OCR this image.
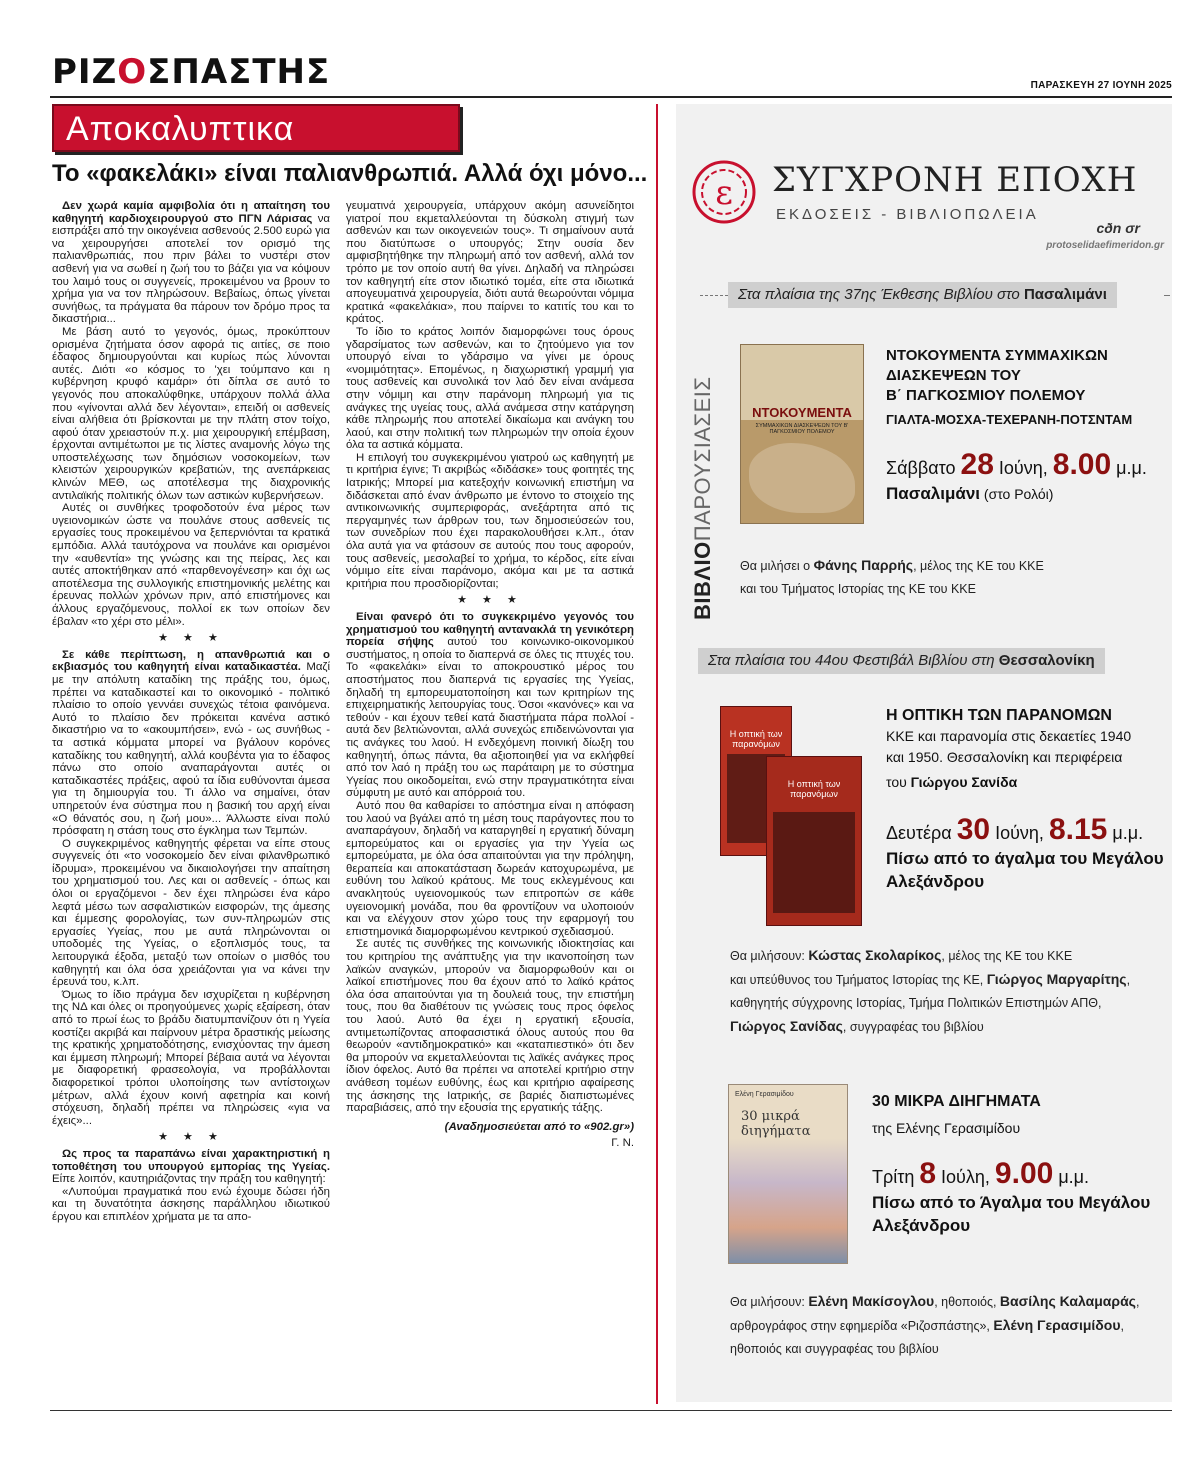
ΡΙΖΟΣΠΑΣΤΗΣ	ΠΑΡΑΣΚΕΥΗ 27 ΙΟΥΝΗ 2025
Αποκαλυπτικα
Το «φακελάκι» είναι παλιανθρωπιά. Αλλά όχι μόνο...

Δεν χωρά καμία αμφιβολία ότι η απαίτηση του καθηγητή καρδιοχειρουργού στο ΠΓΝ Λάρισας να εισπράξει από την οικογένεια ασθενούς 2.500 ευρώ για να χειρουργήσει αποτελεί τον ορισμό της παλιανθρωπιάς, που πριν βάλει το νυστέρι στον ασθενή για να σωθεί η ζωή του το βάζει για να κόψουν του λαιμό τους οι συγγενείς, προκειμένου να βρουν το χρήμα για να τον πληρώσουν. Βεβαίως, όπως γίνεται συνήθως, τα πράγματα θα πάρουν τον δρόμο προς τα δικαστήρια...

Με βάση αυτό το γεγονός, όμως, προκύπτουν ορισμένα ζητήματα όσον αφορά τις αιτίες, σε ποιο έδαφος δημιουργούνται και κυρίως πώς λύνονται αυτές. Διότι «ο κόσμος το 'χει τούμπανο και η κυβέρνηση κρυφό καμάρι» ότι δίπλα σε αυτό το γεγονός που αποκαλύφθηκε, υπάρχουν πολλά άλλα που «γίνονται αλλά δεν λέγονται», επειδή οι ασθενείς είναι αλήθεια ότι βρίσκονται με την πλάτη στον τοίχο, αφού όταν χρειαστούν π.χ. μια χειρουργική επέμβαση, έρχονται αντιμέτωποι με τις λίστες αναμονής λόγω της υποστελέχωσης των δημόσιων νοσοκομείων, των κλειστών χειρουργικών κρεβατιών, της ανεπάρκειας κλινών ΜΕΘ, ως αποτέλεσμα της διαχρονικής αντιλαϊκής πολιτικής όλων των αστικών κυβερνήσεων.

Αυτές οι συνθήκες τροφοδοτούν ένα μέρος των υγειονομικών ώστε να πουλάνε στους ασθενείς τις εργασίες τους προκειμένου να ξεπερνιόνται τα κρατικά εμπόδια. Αλλά ταυτόχρονα να πουλάνε και ορισμένοι την «αυθεντία» της γνώσης και της πείρας, λες και αυτές αποκτήθηκαν από «παρθενογένεση» και όχι ως αποτέλεσμα της συλλογικής επιστημονικής μελέτης και έρευνας πολλών χρόνων πριν, από επιστήμονες και άλλους εργαζόμενους, πολλοί εκ των οποίων δεν έβαλαν «το χέρι στο μέλι».

★ ★ ★

Σε κάθε περίπτωση, η απανθρωπιά και ο εκβιασμός του καθηγητή είναι καταδικαστέα. Μαζί με την απόλυτη καταδίκη της πράξης του, όμως, πρέπει να καταδικαστεί και το οικονομικό - πολιτικό πλαίσιο το οποίο γεννάει συνεχώς τέτοια φαινόμενα. Αυτό το πλαίσιο δεν πρόκειται κανένα αστικό δικαστήριο να το «ακουμπήσει», ενώ - ως συνήθως - τα αστικά κόμματα μπορεί να βγάλουν κορόνες καταδίκης του καθηγητή, αλλά κουβέντα για το έδαφος πάνω στο οποίο αναπαράγονται αυτές οι καταδικαστέες πράξεις, αφού τα ίδια ευθύνονται άμεσα για τη δημιουργία του. Τι άλλο να σημαίνει, όταν υπηρετούν ένα σύστημα που η βασική του αρχή είναι «Ο θάνατός σου, η ζωή μου»... Άλλωστε είναι πολύ πρόσφατη η στάση τους στο έγκλημα των Τεμπών.

Ο συγκεκριμένος καθηγητής φέρεται να είπε στους συγγενείς ότι «το νοσοκομείο δεν είναι φιλανθρωπικό ίδρυμα», προκειμένου να δικαιολογήσει την απαίτηση του χρηματισμού του. Λες και οι ασθενείς - όπως και όλοι οι εργαζόμενοι - δεν έχει πληρώσει ένα κάρο λεφτά μέσω των ασφαλιστικών εισφορών, της άμεσης και έμμεσης φορολογίας, των συν-πληρωμών στις εργασίες Υγείας, που με αυτά πληρώνονται οι υποδομές της Υγείας, ο εξοπλισμός τους, τα λειτουργικά έξοδα, μεταξύ των οποίων ο μισθός του καθηγητή και όλα όσα χρειάζονται για να κάνει την έρευνά του, κ.λπ.

Όμως το ίδιο πράγμα δεν ισχυρίζεται η κυβέρνηση της ΝΔ και όλες οι προηγούμενες χωρίς εξαίρεση, όταν από το πρωί έως το βράδυ διατυμπανίζουν ότι η Υγεία κοστίζει ακριβά και παίρνουν μέτρα δραστικής μείωσης της κρατικής χρηματοδότησης, ενισχύοντας την άμεση και έμμεση πληρωμή; Μπορεί βέβαια αυτά να λέγονται με διαφορετική φρασεολογία, να προβάλλονται διαφορετικοί τρόποι υλοποίησης των αντίστοιχων μέτρων, αλλά έχουν κοινή αφετηρία και κοινή στόχευση, δηλαδή πρέπει να πληρώσεις «για να έχεις»...

★ ★ ★

Ως προς τα παραπάνω είναι χαρακτηριστική η τοποθέτηση του υπουργού εμπορίας της Υγείας. Είπε λοιπόν, καυτηριάζοντας την πράξη του καθηγητή:

«Λυπούμαι πραγματικά που ενώ έχουμε δώσει ήδη και τη δυνατότητα άσκησης παράλληλου ιδιωτικού έργου και επιπλέον χρήματα με τα απο-

γευματινά χειρουργεία, υπάρχουν ακόμη ασυνείδητοι γιατροί που εκμεταλλεύονται τη δύσκολη στιγμή των ασθενών και των οικογενειών τους». Τι σημαίνουν αυτά που διατύπωσε ο υπουργός; Στην ουσία δεν αμφισβητήθηκε την πληρωμή από τον ασθενή, αλλά τον τρόπο με τον οποίο αυτή θα γίνει. Δηλαδή να πληρώσει τον καθηγητή είτε στον ιδιωτικό τομέα, είτε στα ιδιωτικά απογευματινά χειρουργεία, διότι αυτά θεωρούνται νόμιμα κρατικά «φακελάκια», που παίρνει το κατιτίς του και το κράτος.

Το ίδιο το κράτος λοιπόν διαμορφώνει τους όρους γδαρσίματος των ασθενών, και το ζητούμενο για τον υπουργό είναι το γδάρσιμο να γίνει με όρους «νομιμότητας». Επομένως, η διαχωριστική γραμμή για τους ασθενείς και συνολικά τον λαό δεν είναι ανάμεσα στην νόμιμη και στην παράνομη πληρωμή για τις ανάγκες της υγείας τους, αλλά ανάμεσα στην κατάργηση κάθε πληρωμής που αποτελεί δικαίωμα και ανάγκη του λαού, και στην πολιτική των πληρωμών την οποία έχουν όλα τα αστικά κόμματα.

Η επιλογή του συγκεκριμένου γιατρού ως καθηγητή με τι κριτήρια έγινε; Τι ακριβώς «διδάσκε» τους φοιτητές της Ιατρικής; Μπορεί μια κατεξοχήν κοινωνική επιστήμη να διδάσκεται από έναν άνθρωπο με έντονο το στοιχείο της αντικοινωνικής συμπεριφοράς, ανεξάρτητα από τις περγαμηνές των άρθρων του, των δημοσιεύσεών του, των συνεδρίων που έχει παρακολουθήσει κ.λπ., όταν όλα αυτά για να φτάσουν σε αυτούς που τους αφορούν, τους ασθενείς, μεσολαβεί το χρήμα, το κέρδος, είτε είναι νόμιμο είτε είναι παράνομο, ακόμα και με τα αστικά κριτήρια που προσδιορίζονται;

★ ★ ★

Είναι φανερό ότι το συγκεκριμένο γεγονός του χρηματισμού του καθηγητή αντανακλά τη γενικότερη πορεία σήψης αυτού του κοινωνικο-οικονομικού συστήματος, η οποία το διαπερνά σε όλες τις πτυχές του. Το «φακελάκι» είναι το αποκρουστικό μέρος του αποστήματος που διαπερνά τις εργασίες της Υγείας, δηλαδή τη εμπορευματοποίηση και των κριτηρίων της επιχειρηματικής λειτουργίας τους. Όσοι «κανόνες» και να τεθούν - και έχουν τεθεί κατά διαστήματα πάρα πολλοί - αυτά δεν βελτιώνονται, αλλά συνεχώς επιδεινώνονται για τις ανάγκες του λαού. Η ενδεχόμενη ποινική δίωξη του καθηγητή, όπως πάντα, θα αξιοποιηθεί για να εκλήφθεί από τον λαό η πράξη του ως παράταιρη με το σύστημα Υγείας που οικοδομείται, ενώ στην πραγματικότητα είναι σύμφυτη με αυτό και απόρροιά του.

Αυτό που θα καθαρίσει το απόστημα είναι η απόφαση του λαού να βγάλει από τη μέση τους παράγοντες που το αναπαράγουν, δηλαδή να καταργηθεί η εργατική δύναμη εμπορεύματος και οι εργασίες για την Υγεία ως εμπορεύματα, με όλα όσα απαιτούνται για την πρόληψη, θεραπεία και αποκατάσταση δωρεάν κατοχυρωμένα, με ευθύνη του λαϊκού κράτους. Με τους εκλεγμένους και ανακλητούς υγειονομικούς των επιτροπών σε κάθε υγειονομική μονάδα, που θα φροντίζουν να υλοποιούν και να ελέγχουν στον χώρο τους την εφαρμογή του επιστημονικά διαμορφωμένου κεντρικού σχεδιασμού.

Σε αυτές τις συνθήκες της κοινωνικής ιδιοκτησίας και του κριτηρίου της ανάπτυξης για την ικανοποίηση των λαϊκών αναγκών, μπορούν να διαμορφωθούν και οι λαϊκοί επιστήμονες που θα έχουν από το λαϊκό κράτος όλα όσα απαιτούνται για τη δουλειά τους, την επιστήμη τους, που θα διαθέτουν τις γνώσεις τους προς όφελος του λαού. Αυτό θα έχει η εργατική εξουσία, αντιμετωπίζοντας αποφασιστικά όλους αυτούς που θα θεωρούν «αντιδημοκρατικό» και «καταπιεστικό» ότι δεν θα μπορούν να εκμεταλλεύονται τις λαϊκές ανάγκες προς ίδιον όφελος. Αυτό θα πρέπει να αποτελεί κριτήριο στην ανάθεση τομέων ευθύνης, έως και κριτήριο αφαίρεσης της άσκησης της Ιατρικής, σε βαριές διαπιστωμένες παραβιάσεις, από την εξουσία της εργατικής τάξης.

(Αναδημοσιεύεται από το «902.gr»)
Γ. Ν.
ε ΣΥΓΧΡΟΝΗ ΕΠΟΧΗ
ΕΚΔΟΣΕΙΣ - ΒΙΒΛΙΟΠΩΛΕΙΑ
cðn σr
protoselidaefimeridon.gr
Στα πλαίσια της 37ης Έκθεσης Βιβλίου στο Πασαλιμάνι
ΒΙΒΛΙΟΠΑΡΟΥΣΙΑΣΕΙΣ	ΝΤΟΚΟΥΜΕΝΤΑ
ΣΥΜΜΑΧΙΚΩΝ ΔΙΑΣΚΕΨΕΩΝ ΤΟΥ Β' ΠΑΓΚΟΣΜΙΟΥ ΠΟΛΕΜΟΥ
ΝΤΟΚΟΥΜΕΝΤΑ ΣΥΜΜΑΧΙΚΩΝ
ΔΙΑΣΚΕΨΕΩΝ ΤΟΥ
Β΄ ΠΑΓΚΟΣΜΙΟΥ ΠΟΛΕΜΟΥ
ΓΙΑΛΤΑ-ΜΟΣΧΑ-ΤΕΧΕΡΑΝΗ-ΠΟΤΣΝΤΑΜ
Σάββατο 28 Ιούνη, 8.00 μ.μ.
Πασαλιμάνι (στο Ρολόι)
Θα μιλήσει ο Φάνης Παρρής, μέλος της ΚΕ του ΚΚΕ
και του Τμήματος Ιστορίας της ΚΕ του ΚΚΕ
Στα πλαίσια του 44ου Φεστιβάλ Βιβλίου στη Θεσσαλονίκη
Η οπτική των παρανόμων
Η οπτική των παρανόμων
Η ΟΠΤΙΚΗ ΤΩΝ ΠΑΡΑΝΟΜΩΝ
ΚΚΕ και παρανομία στις δεκαετίες 1940
και 1950. Θεσσαλονίκη και περιφέρεια
του Γιώργου Σανίδα
Δευτέρα 30 Ιούνη, 8.15 μ.μ.
Πίσω από το άγαλμα του Μεγάλου
Αλεξάνδρου
Θα μιλήσουν: Κώστας Σκολαρίκος, μέλος της ΚΕ του ΚΚΕ
και υπεύθυνος του Τμήματος Ιστορίας της ΚΕ, Γιώργος Μαργαρίτης,
καθηγητής σύγχρονης Ιστορίας, Τμήμα Πολιτικών Επιστημών ΑΠΘ,
Γιώργος Σανίδας, συγγραφέας του βιβλίου
Ελένη Γερασιμίδου
30 μικρά
διηγήματα
30 ΜΙΚΡΑ ΔΙΗΓΗΜΑΤΑ
της Ελένης Γερασιμίδου
Τρίτη 8 Ιούλη, 9.00 μ.μ.
Πίσω από το Άγαλμα του Μεγάλου
Αλεξάνδρου
Θα μιλήσουν: Ελένη Μακίσογλου, ηθοποιός, Βασίλης Καλαμαράς,
αρθρογράφος στην εφημερίδα «Ριζοσπάστης», Ελένη Γερασιμίδου,
ηθοποιός και συγγραφέας του βιβλίου
